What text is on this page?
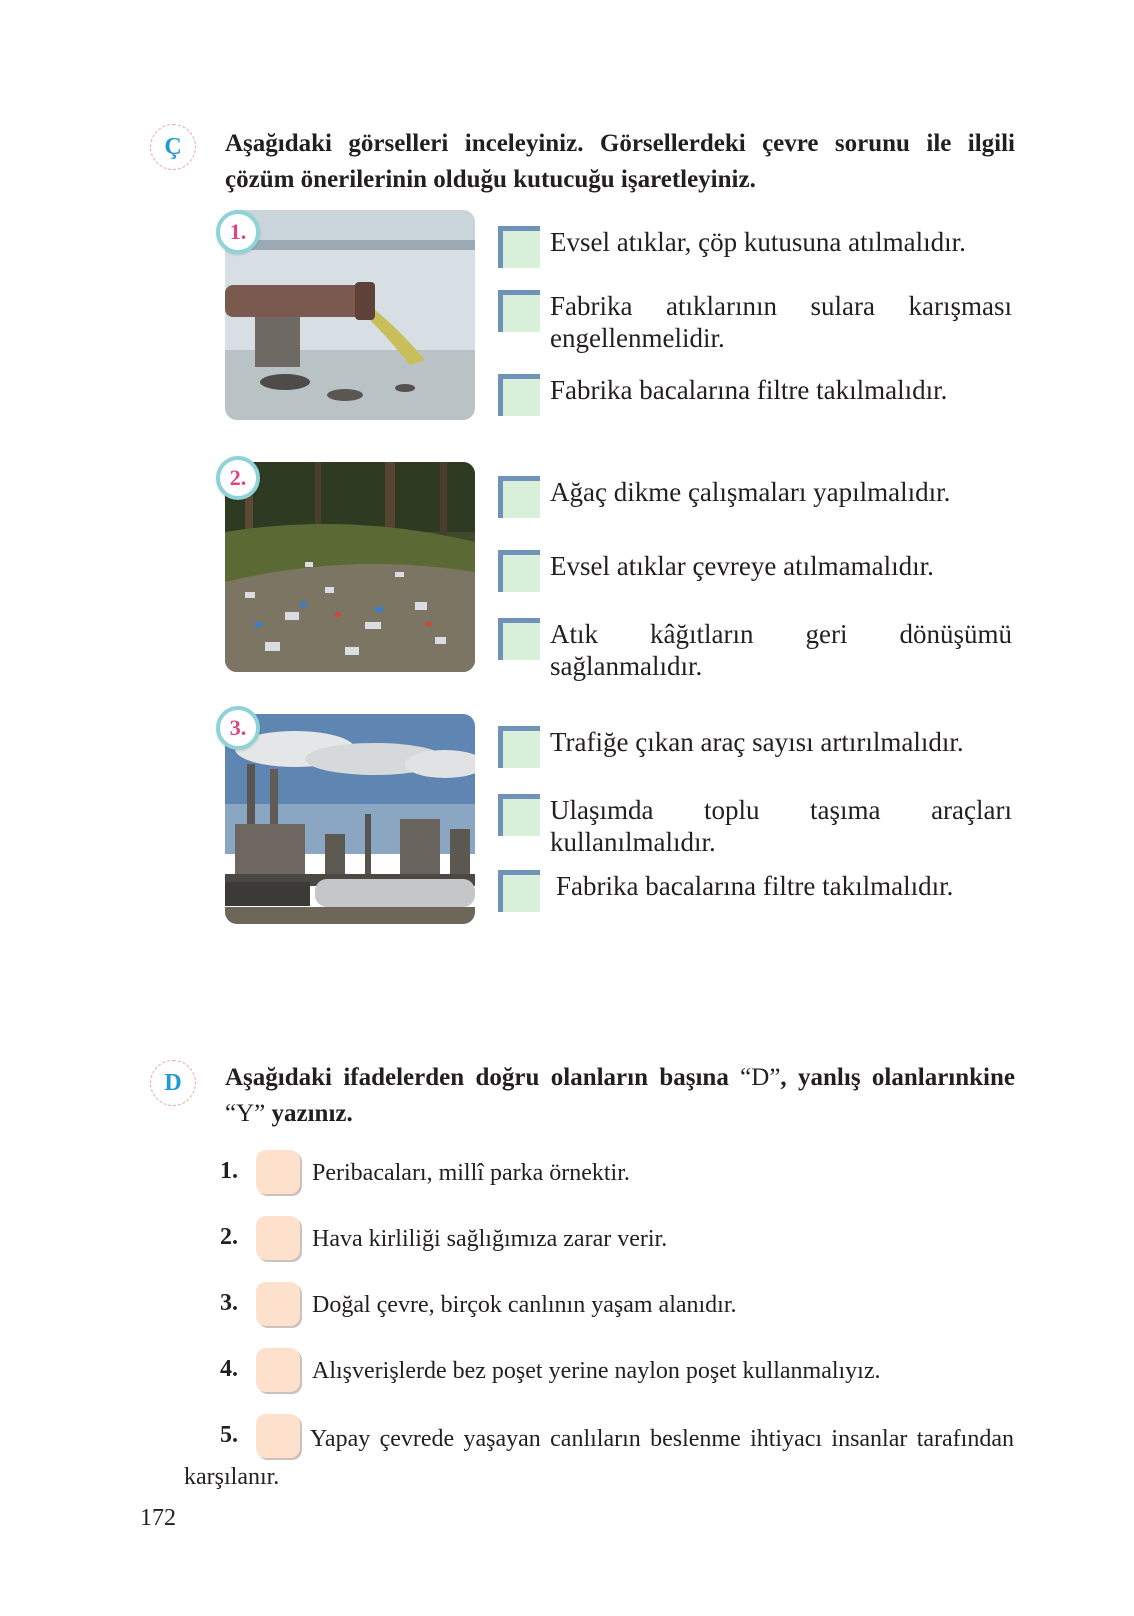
Ç Aşağıdaki görselleri inceleyiniz. Görsellerdeki çevre sorunu ile ilgili çözüm önerilerinin olduğu kutucuğu işaretleyiniz.
1.	Evsel atıklar, çöp kutusuna atılmalıdır.
Fabrika atıklarının sulara karışması engellenmelidir.
Fabrika bacalarına filtre takılmalıdır.
2.	Ağaç dikme çalışmaları yapılmalıdır.
Evsel atıklar çevreye atılmamalıdır.
Atık kâğıtların geri dönüşümü sağlanmalıdır.
3.	Trafiğe çıkan araç sayısı artırılmalıdır.
Ulaşımda toplu taşıma araçları kullanılmalıdır.
Fabrika bacalarına filtre takılmalıdır.
D Aşağıdaki ifadelerden doğru olanların başına “D”, yanlış olanlarınkine “Y” yazınız.
1.	Peribacaları, millî parka örnektir.
2.	Hava kirliliği sağlığımıza zarar verir.
3.	Doğal çevre, birçok canlının yaşam alanıdır.
4.	Alışverişlerde bez poşet yerine naylon poşet kullanmalıyız.
5.	Yapay çevrede yaşayan canlıların beslenme ihtiyacı insanlar tarafından karşılanır.
172
